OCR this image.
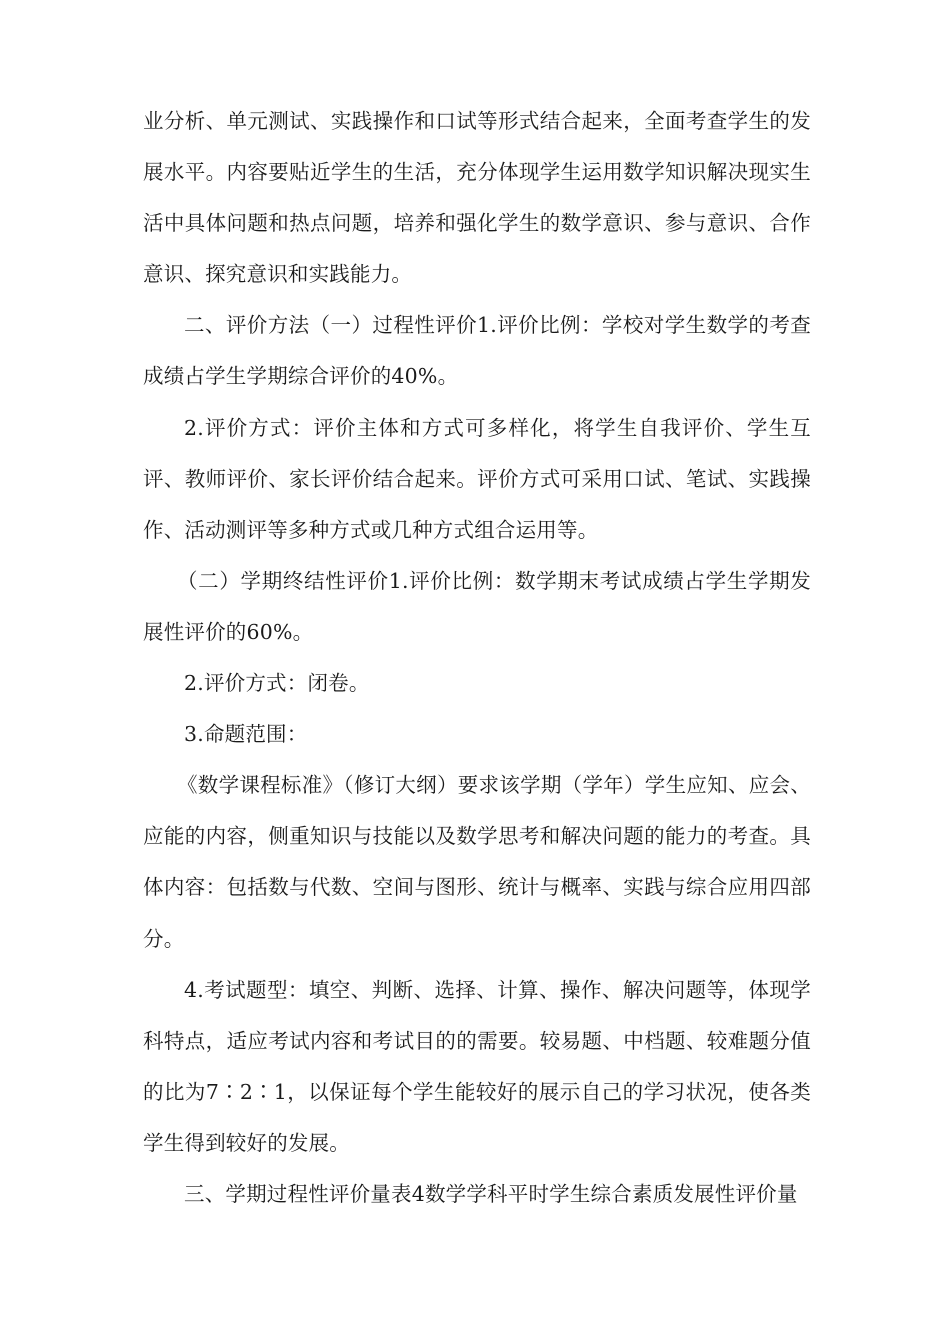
业分析、单元测试、实践操作和口试等形式结合起来，全面考查学生的发展水平。内容要贴近学生的生活，充分体现学生运用数学知识解决现实生活中具体问题和热点问题，培养和强化学生的数学意识、参与意识、合作意识、探究意识和实践能力。

二、评价方法（一）过程性评价1.评价比例：学校对学生数学的考查成绩占学生学期综合评价的40%。

2.评价方式：评价主体和方式可多样化，将学生自我评价、学生互评、教师评价、家长评价结合起来。评价方式可采用口试、笔试、实践操作、活动测评等多种方式或几种方式组合运用等。

（二）学期终结性评价1.评价比例：数学期末考试成绩占学生学期发展性评价的60%。

2.评价方式：闭卷。

3.命题范围：

《数学课程标准》（修订大纲）要求该学期（学年）学生应知、应会、应能的内容，侧重知识与技能以及数学思考和解决问题的能力的考查。具体内容：包括数与代数、空间与图形、统计与概率、实践与综合应用四部分。

4.考试题型：填空、判断、选择、计算、操作、解决问题等，体现学科特点，适应考试内容和考试目的的需要。较易题、中档题、较难题分值的比为7∶2∶1，以保证每个学生能较好的展示自己的学习状况，使各类学生得到较好的发展。

三、学期过程性评价量表4数学学科平时学生综合素质发展性评价量
